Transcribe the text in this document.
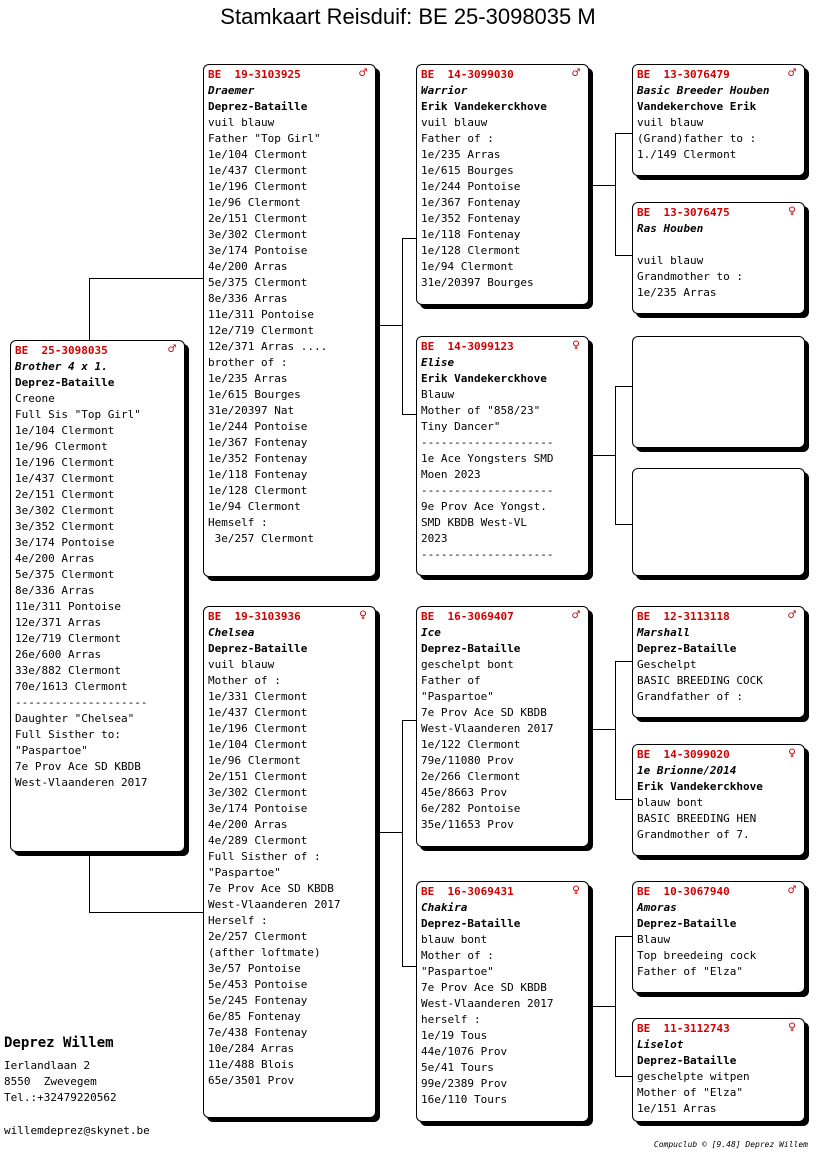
Stamkaart Reisduif: BE 25-3098035 M
BE  25-3098035	♂
Brother 4 x 1.
Deprez-Bataille
Creone
Full Sis "Top Girl"
1e/104 Clermont
1e/96 Clermont
1e/196 Clermont
1e/437 Clermont
2e/151 Clermont
3e/302 Clermont
3e/352 Clermont
3e/174 Pontoise
4e/200 Arras
5e/375 Clermont
8e/336 Arras
11e/311 Pontoise
12e/371 Arras
12e/719 Clermont
26e/600 Arras
33e/882 Clermont
70e/1613 Clermont
--------------------
Daughter "Chelsea"
Full Sisther to:
"Paspartoe"
7e Prov Ace SD KBDB
West-Vlaanderen 2017
BE  19-3103925	♂
Draemer
Deprez-Bataille
vuil blauw
Father "Top Girl"
1e/104 Clermont
1e/437 Clermont
1e/196 Clermont
1e/96 Clermont
2e/151 Clermont
3e/302 Clermont
3e/174 Pontoise
4e/200 Arras
5e/375 Clermont
8e/336 Arras
11e/311 Pontoise
12e/719 Clermont
12e/371 Arras ....
brother of :
1e/235 Arras
1e/615 Bourges
31e/20397 Nat
1e/244 Pontoise
1e/367 Fontenay
1e/352 Fontenay
1e/118 Fontenay
1e/128 Clermont
1e/94 Clermont
Hemself :
3e/257 Clermont
BE  19-3103936	♀
Chelsea
Deprez-Bataille
vuil blauw
Mother of :
1e/331 Clermont
1e/437 Clermont
1e/196 Clermont
1e/104 Clermont
1e/96 Clermont
2e/151 Clermont
3e/302 Clermont
3e/174 Pontoise
4e/200 Arras
4e/289 Clermont
Full Sisther of :
"Paspartoe"
7e Prov Ace SD KBDB
West-Vlaanderen 2017
Herself :
2e/257 Clermont
(afther loftmate)
3e/57 Pontoise
5e/453 Pontoise
5e/245 Fontenay
6e/85 Fontenay
7e/438 Fontenay
10e/284 Arras
11e/488 Blois
65e/3501 Prov
BE  14-3099030	♂
Warrior
Erik Vandekerckhove
vuil blauw
Father of :
1e/235 Arras
1e/615 Bourges
1e/244 Pontoise
1e/367 Fontenay
1e/352 Fontenay
1e/118 Fontenay
1e/128 Clermont
1e/94 Clermont
31e/20397 Bourges
BE  14-3099123	♀
Elise
Erik Vandekerckhove
Blauw
Mother of "858/23"
Tiny Dancer"
--------------------
1e Ace Yongsters SMD
Moen 2023
--------------------
9e Prov Ace Yongst.
SMD KBDB West-VL
2023
--------------------
BE  16-3069407	♂
Ice
Deprez-Bataille
geschelpt bont
Father of
"Paspartoe"
7e Prov Ace SD KBDB
West-Vlaanderen 2017
1e/122 Clermont
79e/11080 Prov
2e/266 Clermont
45e/8663 Prov
6e/282 Pontoise
35e/11653 Prov
BE  16-3069431	♀
Chakira
Deprez-Bataille
blauw bont
Mother of :
"Paspartoe"
7e Prov Ace SD KBDB
West-Vlaanderen 2017
herself :
1e/19 Tous
44e/1076 Prov
5e/41 Tours
99e/2389 Prov
16e/110 Tours
BE  13-3076479	♂
Basic Breeder Houben
Vandekerchove Erik
vuil blauw
(Grand)father to :
1./149 Clermont
BE  13-3076475	♀
Ras Houben
vuil blauw
Grandmother to :
1e/235 Arras
BE  12-3113118	♂
Marshall
Deprez-Bataille
Geschelpt
BASIC BREEDING COCK
Grandfather of :
BE  14-3099020	♀
1e Brionne/2014
Erik Vandekerckhove
blauw bont
BASIC BREEDING HEN
Grandmother of 7.
BE  10-3067940	♂
Amoras
Deprez-Bataille
Blauw
Top breedeing cock
Father of "Elza"
BE  11-3112743	♀
Liselot
Deprez-Bataille
geschelpte witpen
Mother of "Elza"
1e/151 Arras
Deprez Willem
Ierlandlaan 2
8550  Zwevegem
Tel.:+32479220562
willemdeprez@skynet.be
Compuclub © [9.48] Deprez Willem
